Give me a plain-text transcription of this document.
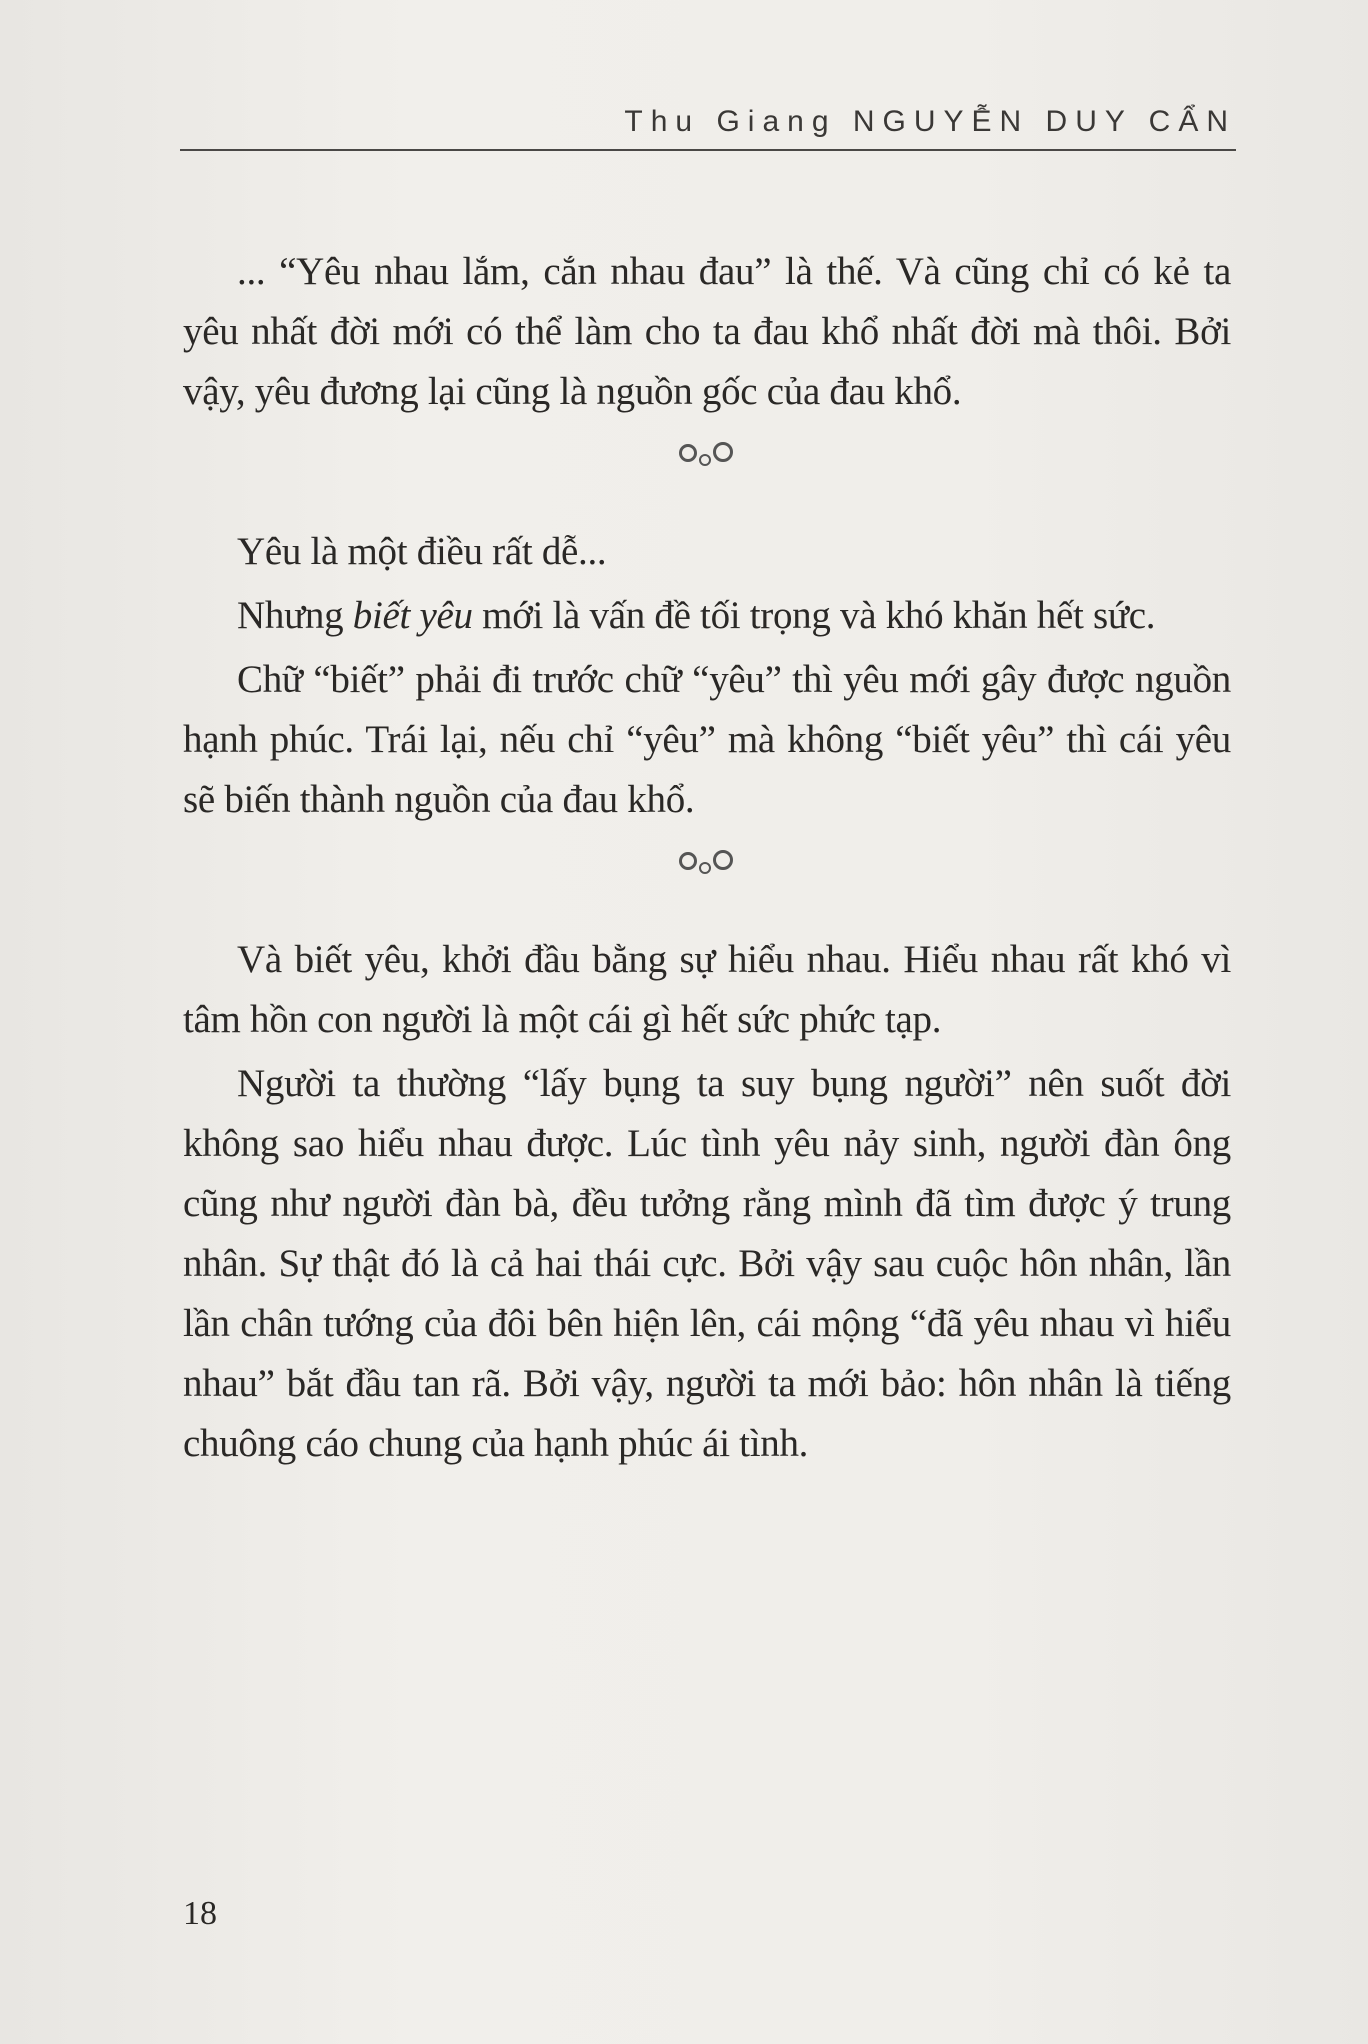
Thu Giang NGUYỄN DUY CẨN

... “Yêu nhau lắm, cắn nhau đau” là thế. Và cũng chỉ có kẻ ta yêu nhất đời mới có thể làm cho ta đau khổ nhất đời mà thôi. Bởi vậy, yêu đương lại cũng là nguồn gốc của đau khổ.

Yêu là một điều rất dễ...

Nhưng biết yêu mới là vấn đề tối trọng và khó khăn hết sức.

Chữ “biết” phải đi trước chữ “yêu” thì yêu mới gây được nguồn hạnh phúc. Trái lại, nếu chỉ “yêu” mà không “biết yêu” thì cái yêu sẽ biến thành nguồn của đau khổ.

Và biết yêu, khởi đầu bằng sự hiểu nhau. Hiểu nhau rất khó vì tâm hồn con người là một cái gì hết sức phức tạp.

Người ta thường “lấy bụng ta suy bụng người” nên suốt đời không sao hiểu nhau được. Lúc tình yêu nảy sinh, người đàn ông cũng như người đàn bà, đều tưởng rằng mình đã tìm được ý trung nhân. Sự thật đó là cả hai thái cực. Bởi vậy sau cuộc hôn nhân, lần lần chân tướng của đôi bên hiện lên, cái mộng “đã yêu nhau vì hiểu nhau” bắt đầu tan rã. Bởi vậy, người ta mới bảo: hôn nhân là tiếng chuông cáo chung của hạnh phúc ái tình.

18
